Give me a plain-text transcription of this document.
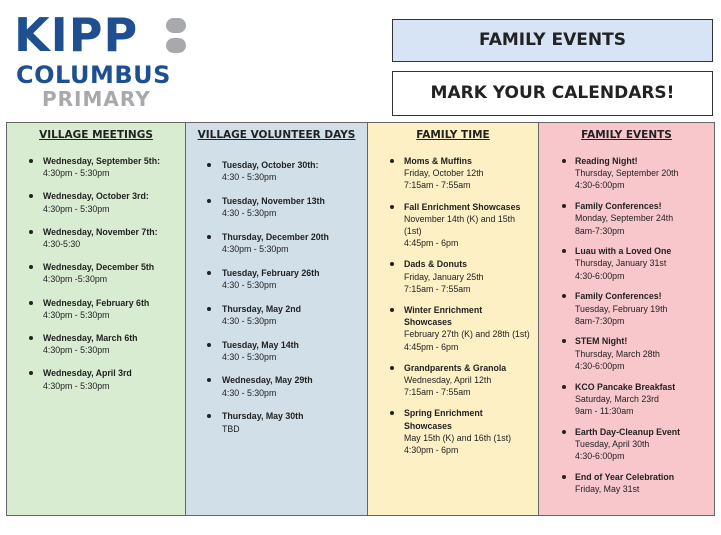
KIPP
COLUMBUS
PRIMARY
FAMILY EVENTS
MARK YOUR CALENDARS!
VILLAGE MEETINGS
Wednesday, September 5th:
4:30pm - 5:30pm
Wednesday, October 3rd:
4:30pm - 5:30pm
Wednesday, November 7th:
4:30-5:30
Wednesday, December 5th
4:30pm -5:30pm
Wednesday, February 6th
4:30pm - 5:30pm
Wednesday, March 6th
4:30pm - 5:30pm
Wednesday, April 3rd
4:30pm - 5:30pm
VILLAGE VOLUNTEER DAYS
Tuesday, October 30th:
4:30 - 5:30pm
Tuesday, November 13th
4:30 - 5:30pm
Thursday, December 20th
4:30pm - 5:30pm
Tuesday, February 26th
4:30 - 5:30pm
Thursday, May 2nd
4:30 - 5:30pm
Tuesday, May 14th
4:30 - 5:30pm
Wednesday, May 29th
4:30 - 5:30pm
Thursday, May 30th
TBD
FAMILY TIME
Moms & Muffins
Friday, October 12th
7:15am - 7:55am
Fall Enrichment Showcases
November 14th (K) and 15th (1st)
4:45pm - 6pm
Dads & Donuts
Friday, January 25th
7:15am - 7:55am
Winter Enrichment Showcases
February 27th (K) and 28th (1st)
4:45pm - 6pm
Grandparents & Granola
Wednesday, April 12th
7:15am - 7:55am
Spring Enrichment Showcases
May 15th (K) and 16th (1st)
4:30pm - 6pm
FAMILY EVENTS
Reading Night!
Thursday, September 20th
4:30-6:00pm
Family Conferences!
Monday, September 24th
8am-7:30pm
Luau with a Loved One
Thursday, January 31st
4:30-6:00pm
Family Conferences!
Tuesday, February 19th
8am-7:30pm
STEM Night!
Thursday, March 28th
4:30-6:00pm
KCO Pancake Breakfast
Saturday, March 23rd
9am - 11:30am
Earth Day-Cleanup Event
Tuesday, April 30th
4:30-6:00pm
End of Year Celebration
Friday, May 31st
